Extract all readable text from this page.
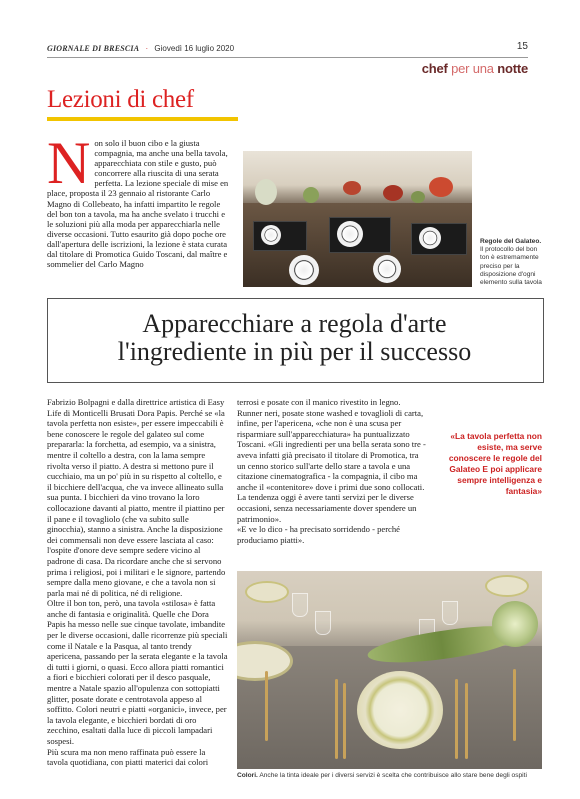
GIORNALE DI BRESCIA · Giovedì 16 luglio 2020	15
chef per una notte
Lezioni di chef
Non solo il buon cibo e la giusta compagnia, ma anche una bella tavola, apparecchiata con stile e gusto, può concorrere alla riuscita di una serata perfetta. La lezione speciale di mise en place, proposta il 23 gennaio al ristorante Carlo Magno di Collebeato, ha infatti impartito le regole del bon ton a tavola, ma ha anche svelato i trucchi e le soluzioni più alla moda per apparecchiarla nelle diverse occasioni. Tutto esaurito già dopo poche ore dall'apertura delle iscrizioni, la lezione è stata curata dal titolare di Promotica Guido Toscani, dal maître e sommelier del Carlo Magno
Regole del Galateo. Il protocollo del bon ton è estremamente preciso per la disposizione d'ogni elemento sulla tavola
Apparecchiare a regola d'arte
l'ingrediente in più per il successo
Fabrizio Bolpagni e dalla direttrice artistica di Easy Life di Monticelli Brusati Dora Papis. Perché se «la tavola perfetta non esiste», per essere impeccabili è bene conoscere le regole del galateo sul come prepararla: la forchetta, ad esempio, va a sinistra, mentre il coltello a destra, con la lama sempre rivolta verso il piatto. A destra si mettono pure il cucchiaio, ma un po' più in su rispetto al coltello, e il bicchiere dell'acqua, che va invece allineato sulla sua punta. I bicchieri da vino trovano la loro collocazione davanti al piatto, mentre il piattino per il pane e il tovagliolo (che va subito sulle ginocchia), stanno a sinistra. Anche la disposizione dei commensali non deve essere lasciata al caso: l'ospite d'onore deve sempre sedere vicino al padrone di casa. Da ricordare anche che si servono prima i religiosi, poi i militari e le signore, partendo sempre dalla meno giovane, e che a tavola non si parla mai né di politica, né di religione.
Oltre il bon ton, però, una tavola «stilosa» è fatta anche di fantasia e originalità. Quelle che Dora Papis ha messo nelle sue cinque tavolate, imbandite per le diverse occasioni, dalle ricorrenze più speciali come il Natale e la Pasqua, al tanto trendy apericena, passando per la serata elegante e la tavola di tutti i giorni, o quasi. Ecco allora piatti romantici a fiori e bicchieri colorati per il desco pasquale, mentre a Natale spazio all'opulenza con sottopiatti glitter, posate dorate e centrotavola appeso al soffitto. Colori neutri e piatti «organici», invece, per la tavola elegante, e bicchieri bordati di oro zecchino, esaltati dalla luce di piccoli lampadari sospesi.
Più scura ma non meno raffinata può essere la tavola quotidiana, con piatti materici dai colori
terrosi e posate con il manico rivestito in legno. Runner neri, posate stone washed e tovaglioli di carta, infine, per l'apericena, «che non è una scusa per risparmiare sull'apparecchiatura» ha puntualizzato Toscani. «Gli ingredienti per una bella serata sono tre - aveva infatti già precisato il titolare di Promotica, tra un cenno storico sull'arte dello stare a tavola e una citazione cinematografica - la compagnia, il cibo ma anche il «contenitore» dove i primi due sono collocati. La tendenza oggi è avere tanti servizi per le diverse occasioni, senza necessariamente dover spendere un patrimonio».
«E ve lo dico - ha precisato sorridendo - perché produciamo piatti».
«La tavola perfetta non esiste, ma serve conoscere le regole del Galateo E poi applicare sempre intelligenza e fantasia»
Colori. Anche la tinta ideale per i diversi servizi è scelta che contribuisce allo stare bene degli ospiti
